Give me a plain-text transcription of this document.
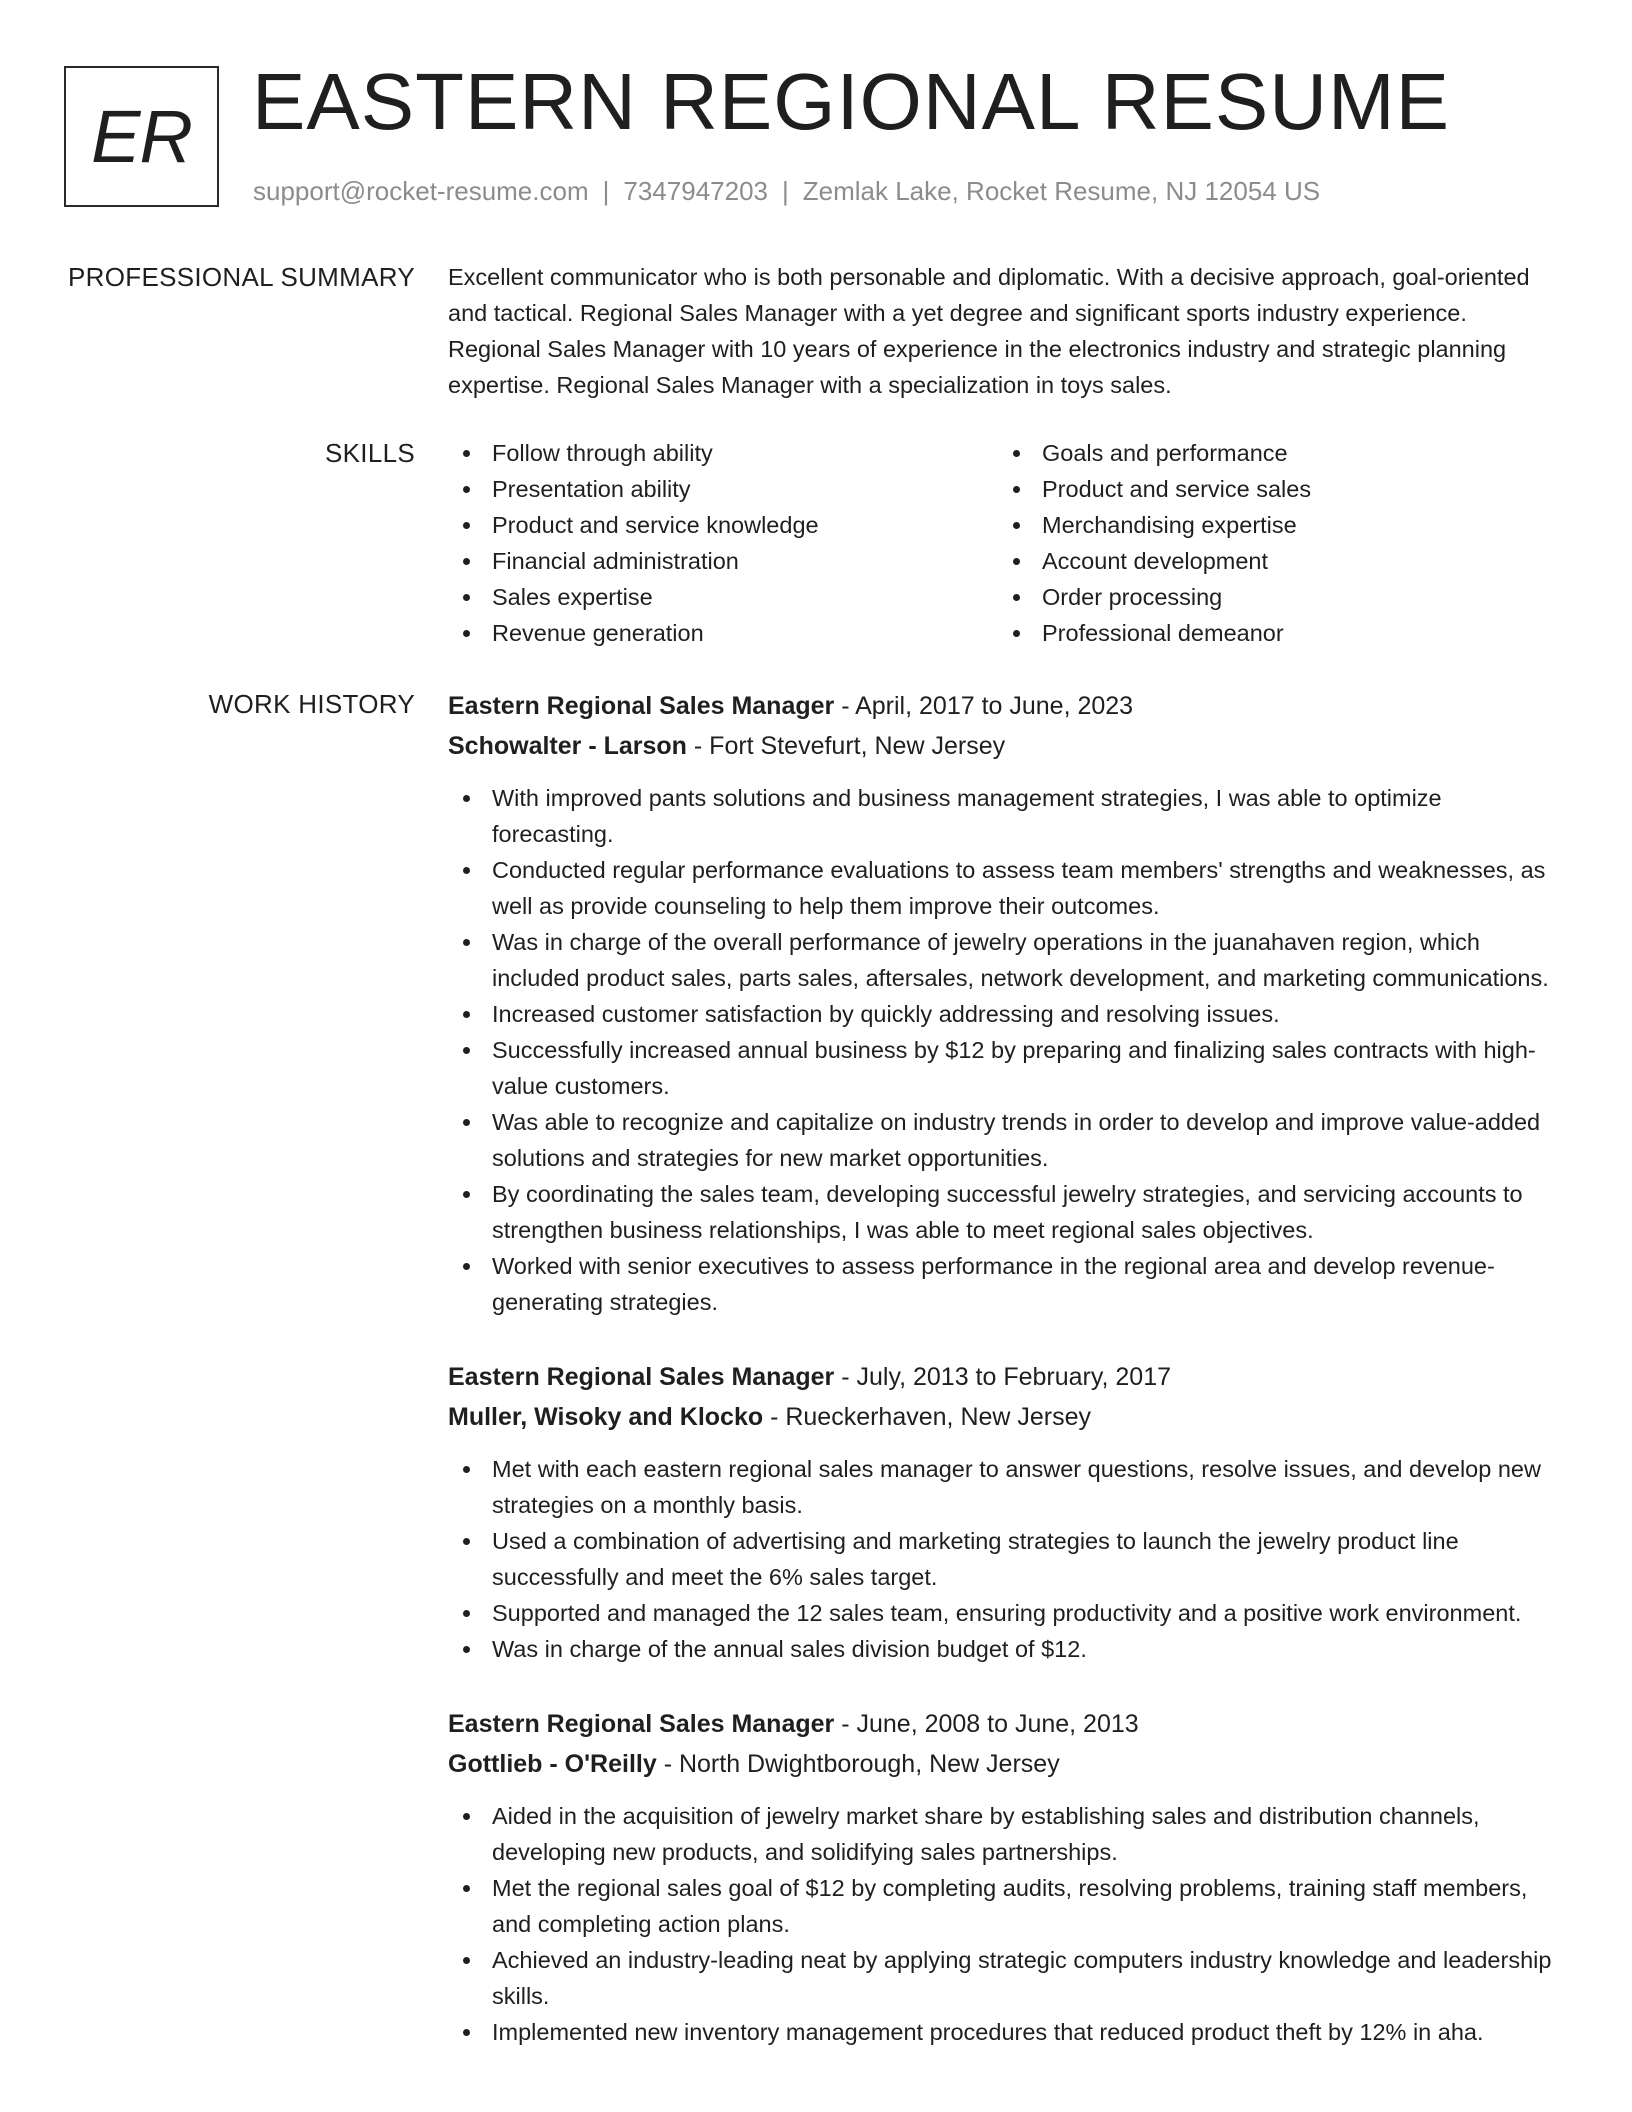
ER EASTERN REGIONAL RESUME
support@rocket-resume.com | 7347947203 | Zemlak Lake, Rocket Resume, NJ 12054 US
PROFESSIONAL SUMMARY Excellent communicator who is both personable and diplomatic. With a decisive approach, goal-oriented and tactical. Regional Sales Manager with a yet degree and significant sports industry experience. Regional Sales Manager with 10 years of experience in the electronics industry and strategic planning expertise. Regional Sales Manager with a specialization in toys sales.

SKILLS	Follow through ability
Presentation ability
Product and service knowledge
Financial administration
Sales expertise
Revenue generation
Goals and performance
Product and service sales
Merchandising expertise
Account development
Order processing
Professional demeanor
WORK HISTORY Eastern Regional Sales Manager - April, 2017 to June, 2023
Schowalter - Larson - Fort Stevefurt, New Jersey
With improved pants solutions and business management strategies, I was able to optimize forecasting.
Conducted regular performance evaluations to assess team members' strengths and weaknesses, as well as provide counseling to help them improve their outcomes.
Was in charge of the overall performance of jewelry operations in the juanahaven region, which included product sales, parts sales, aftersales, network development, and marketing communications.
Increased customer satisfaction by quickly addressing and resolving issues.
Successfully increased annual business by $12 by preparing and finalizing sales contracts with high-value customers.
Was able to recognize and capitalize on industry trends in order to develop and improve value-added solutions and strategies for new market opportunities.
By coordinating the sales team, developing successful jewelry strategies, and servicing accounts to strengthen business relationships, I was able to meet regional sales objectives.
Worked with senior executives to assess performance in the regional area and develop revenue-generating strategies.
Eastern Regional Sales Manager - July, 2013 to February, 2017
Muller, Wisoky and Klocko - Rueckerhaven, New Jersey
Met with each eastern regional sales manager to answer questions, resolve issues, and develop new strategies on a monthly basis.
Used a combination of advertising and marketing strategies to launch the jewelry product line successfully and meet the 6% sales target.
Supported and managed the 12 sales team, ensuring productivity and a positive work environment.
Was in charge of the annual sales division budget of $12.
Eastern Regional Sales Manager - June, 2008 to June, 2013
Gottlieb - O'Reilly - North Dwightborough, New Jersey
Aided in the acquisition of jewelry market share by establishing sales and distribution channels, developing new products, and solidifying sales partnerships.
Met the regional sales goal of $12 by completing audits, resolving problems, training staff members, and completing action plans.
Achieved an industry-leading neat by applying strategic computers industry knowledge and leadership skills.
Implemented new inventory management procedures that reduced product theft by 12% in aha.
